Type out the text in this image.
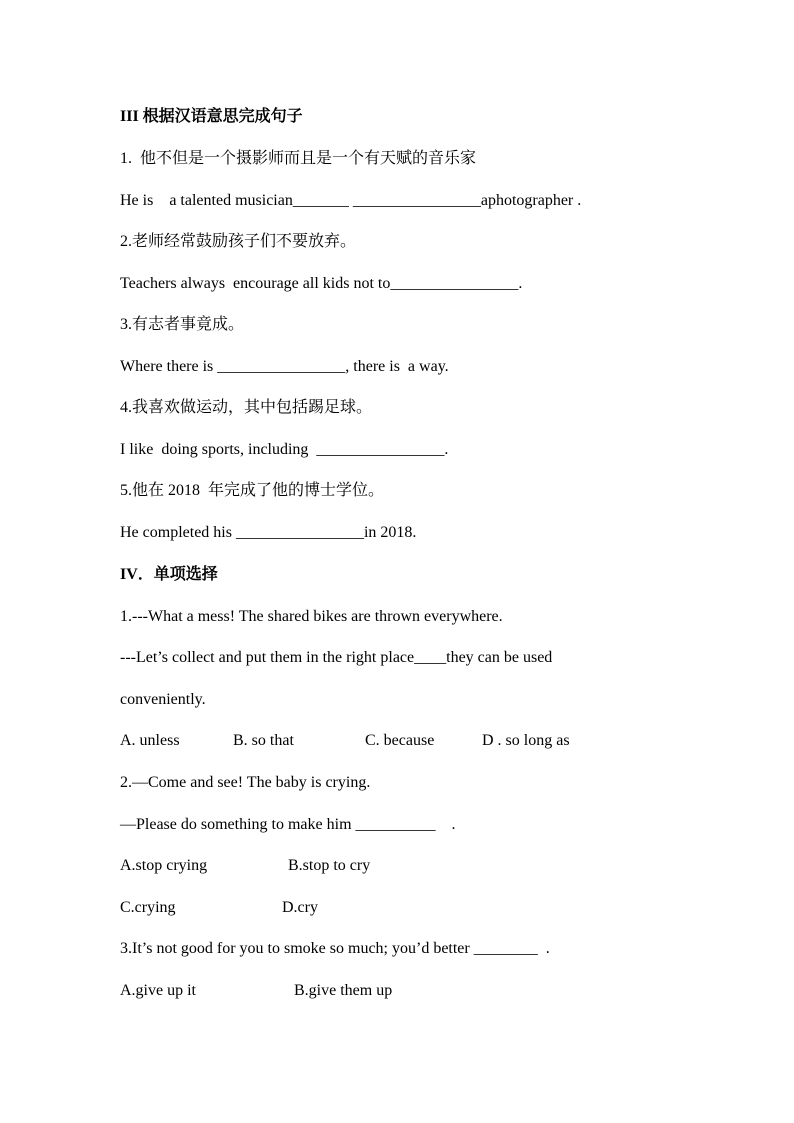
III 根据汉语意思完成句子
1.  他不但是一个摄影师而且是一个有天赋的音乐家
He is    a talented musician_______ ________________aphotographer .
2.老师经常鼓励孩子们不要放弃。
Teachers always  encourage all kids not to________________.
3.有志者事竟成。
Where there is ________________, there is  a way.
4.我喜欢做运动，其中包括踢足球。
I like  doing sports, including  ________________.
5.他在 2018  年完成了他的博士学位。
He completed his ________________in 2018.
IV．单项选择
1.---What a mess! The shared bikes are thrown everywhere.
---Let’s collect and put them in the right place____they can be used
conveniently.
A. unless	B. so that	C. because	D . so long as
2.—Come and see! The baby is crying.
—Please do something to make him __________    .
A.stop crying	B.stop to cry
C.crying	D.cry
3.It’s not good for you to smoke so much; you’d better ________  .
A.give up it	B.give them up
